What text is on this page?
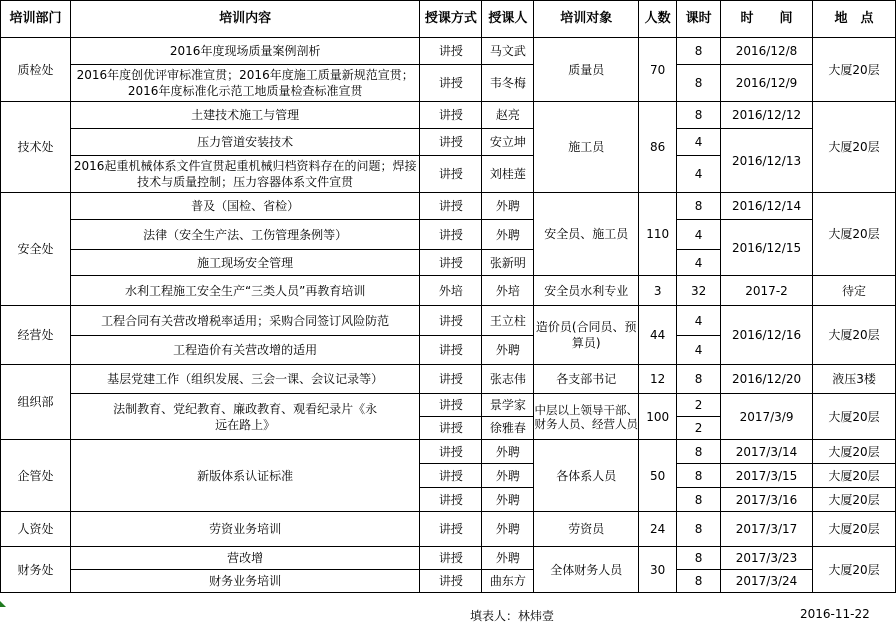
培训部门	培训内容	授课方式	授课人	培训对象	人数	课时	时　　间	地　点
质检处	2016年度现场质量案例剖析	讲授	马文武	质量员	70	8	2016/12/8	大厦20层
	2016年度创优评审标准宣贯；2016年度施工质量新规范宣贯；2016年度标准化示范工地质量检查标准宣贯	讲授	韦冬梅			8	2016/12/9	
技术处	土建技术施工与管理	讲授	赵亮	施工员	86	8	2016/12/12	大厦20层
	压力管道安装技术	讲授	安立坤			4	2016/12/13	
	2016起重机械体系文件宣贯起重机械归档资料存在的问题；焊接技术与质量控制；压力容器体系文件宣贯	讲授	刘桂莲			4		
安全处	普及（国检、省检）	讲授	外聘	安全员、施工员	110	8	2016/12/14	大厦20层
	法律（安全生产法、工伤管理条例等）	讲授	外聘			4	2016/12/15	
	施工现场安全管理	讲授	张新明			4		
	水利工程施工安全生产“三类人员”再教育培训	外培	外培	安全员水利专业	3	32	2017-2	待定
经营处	工程合同有关营改增税率适用；采购合同签订风险防范	讲授	王立柱	造价员(合同员、预算员)	44	4	2016/12/16	大厦20层
	工程造价有关营改增的适用	讲授	外聘			4		
组织部	基层党建工作（组织发展、三会一课、会议记录等）	讲授	张志伟	各支部书记	12	8	2016/12/20	液压3楼
	法制教育、党纪教育、廉政教育、观看纪录片《永远在路上》	讲授	景学家	中层以上领导干部、财务人员、经营人员	100	2	2017/3/9	大厦20层
		讲授	徐雅春			2		
企管处	新版体系认证标准	讲授	外聘	各体系人员	50	8	2017/3/14	大厦20层
		讲授	外聘			8	2017/3/15	大厦20层
		讲授	外聘			8	2017/3/16	大厦20层
人资处	劳资业务培训	讲授	外聘	劳资员	24	8	2017/3/17	大厦20层
财务处	营改增	讲授	外聘	全体财务人员	30	8	2017/3/23	大厦20层
	财务业务培训	讲授	曲东方			8	2017/3/24	
填表人：林炜壹	2016-11-22
